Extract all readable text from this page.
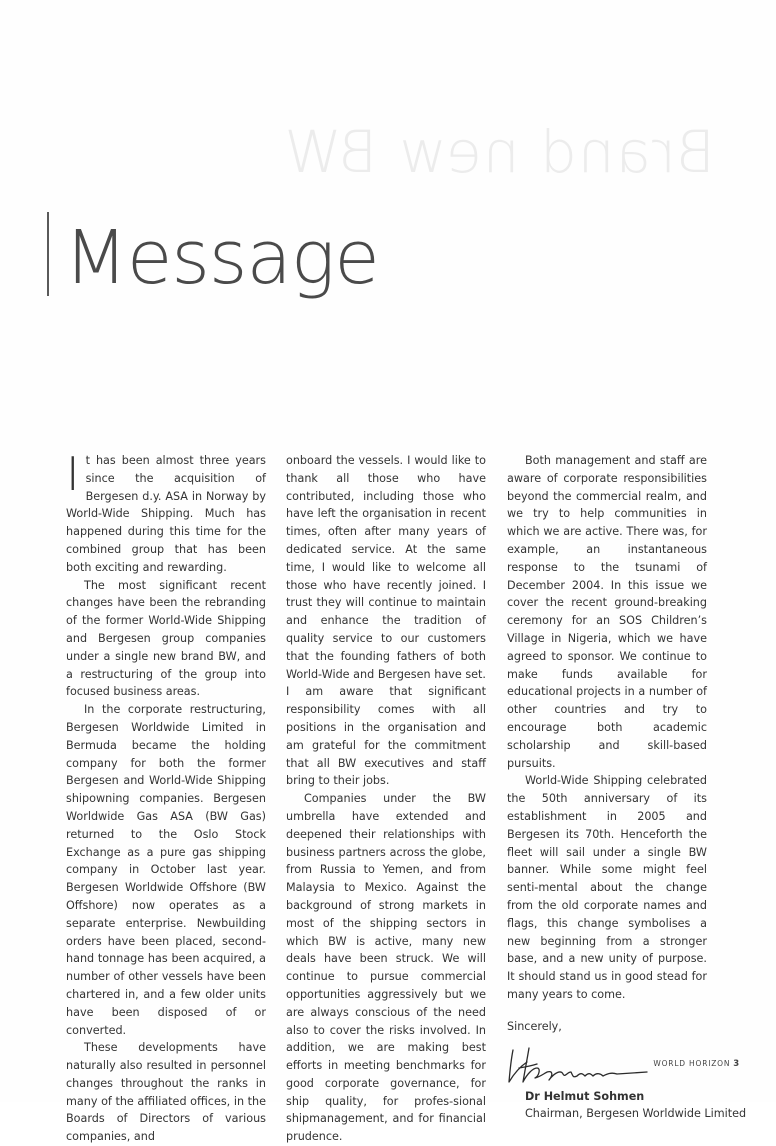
Brand new BW
Message

It has been almost three years since the acquisition of Bergesen d.y. ASA in Norway by World-Wide Shipping. Much has happened during this time for the combined group that has been both exciting and rewarding.

The most significant recent changes have been the rebranding of the former World-Wide Shipping and Bergesen group companies under a single new brand BW, and a restructuring of the group into focused business areas.

In the corporate restructuring, Bergesen Worldwide Limited in Bermuda became the holding company for both the former Bergesen and World-Wide Shipping shipowning companies. Bergesen Worldwide Gas ASA (BW Gas) returned to the Oslo Stock Exchange as a pure gas shipping company in October last year. Bergesen Worldwide Offshore (BW Offshore) now operates as a separate enterprise. Newbuilding orders have been placed, second-hand tonnage has been acquired, a number of other vessels have been chartered in, and a few older units have been disposed of or converted.

These developments have naturally also resulted in personnel changes throughout the ranks in many of the affiliated offices, in the Boards of Directors of various companies, and

onboard the vessels. I would like to thank all those who have contributed, including those who have left the organisation in recent times, often after many years of dedicated service. At the same time, I would like to welcome all those who have recently joined. I trust they will continue to maintain and enhance the tradition of quality service to our customers that the founding fathers of both World-Wide and Bergesen have set. I am aware that significant responsibility comes with all positions in the organisation and am grateful for the commitment that all BW executives and staff bring to their jobs.

Companies under the BW umbrella have extended and deepened their relationships with business partners across the globe, from Russia to Yemen, and from Malaysia to Mexico. Against the background of strong markets in most of the shipping sectors in which BW is active, many new deals have been struck. We will continue to pursue commercial opportunities aggressively but we are always conscious of the need also to cover the risks involved. In addition, we are making best efforts in meeting benchmarks for good corporate governance, for ship quality, for profes-sional shipmanagement, and for financial prudence.

Both management and staff are aware of corporate responsibilities beyond the commercial realm, and we try to help communities in which we are active. There was, for example, an instantaneous response to the tsunami of December 2004. In this issue we cover the recent ground-breaking ceremony for an SOS Children’s Village in Nigeria, which we have agreed to sponsor. We continue to make funds available for educational projects in a number of other countries and try to encourage both academic scholarship and skill-based pursuits.

World-Wide Shipping celebrated the 50th anniversary of its establishment in 2005 and Bergesen its 70th. Henceforth the fleet will sail under a single BW banner. While some might feel senti-mental about the change from the old corporate names and flags, this change symbolises a new beginning from a stronger base, and a new unity of purpose. It should stand us in good stead for many years to come.

Sincerely,

Dr Helmut Sohmen

Chairman, Bergesen Worldwide Limited

WORLD HORIZON 3
